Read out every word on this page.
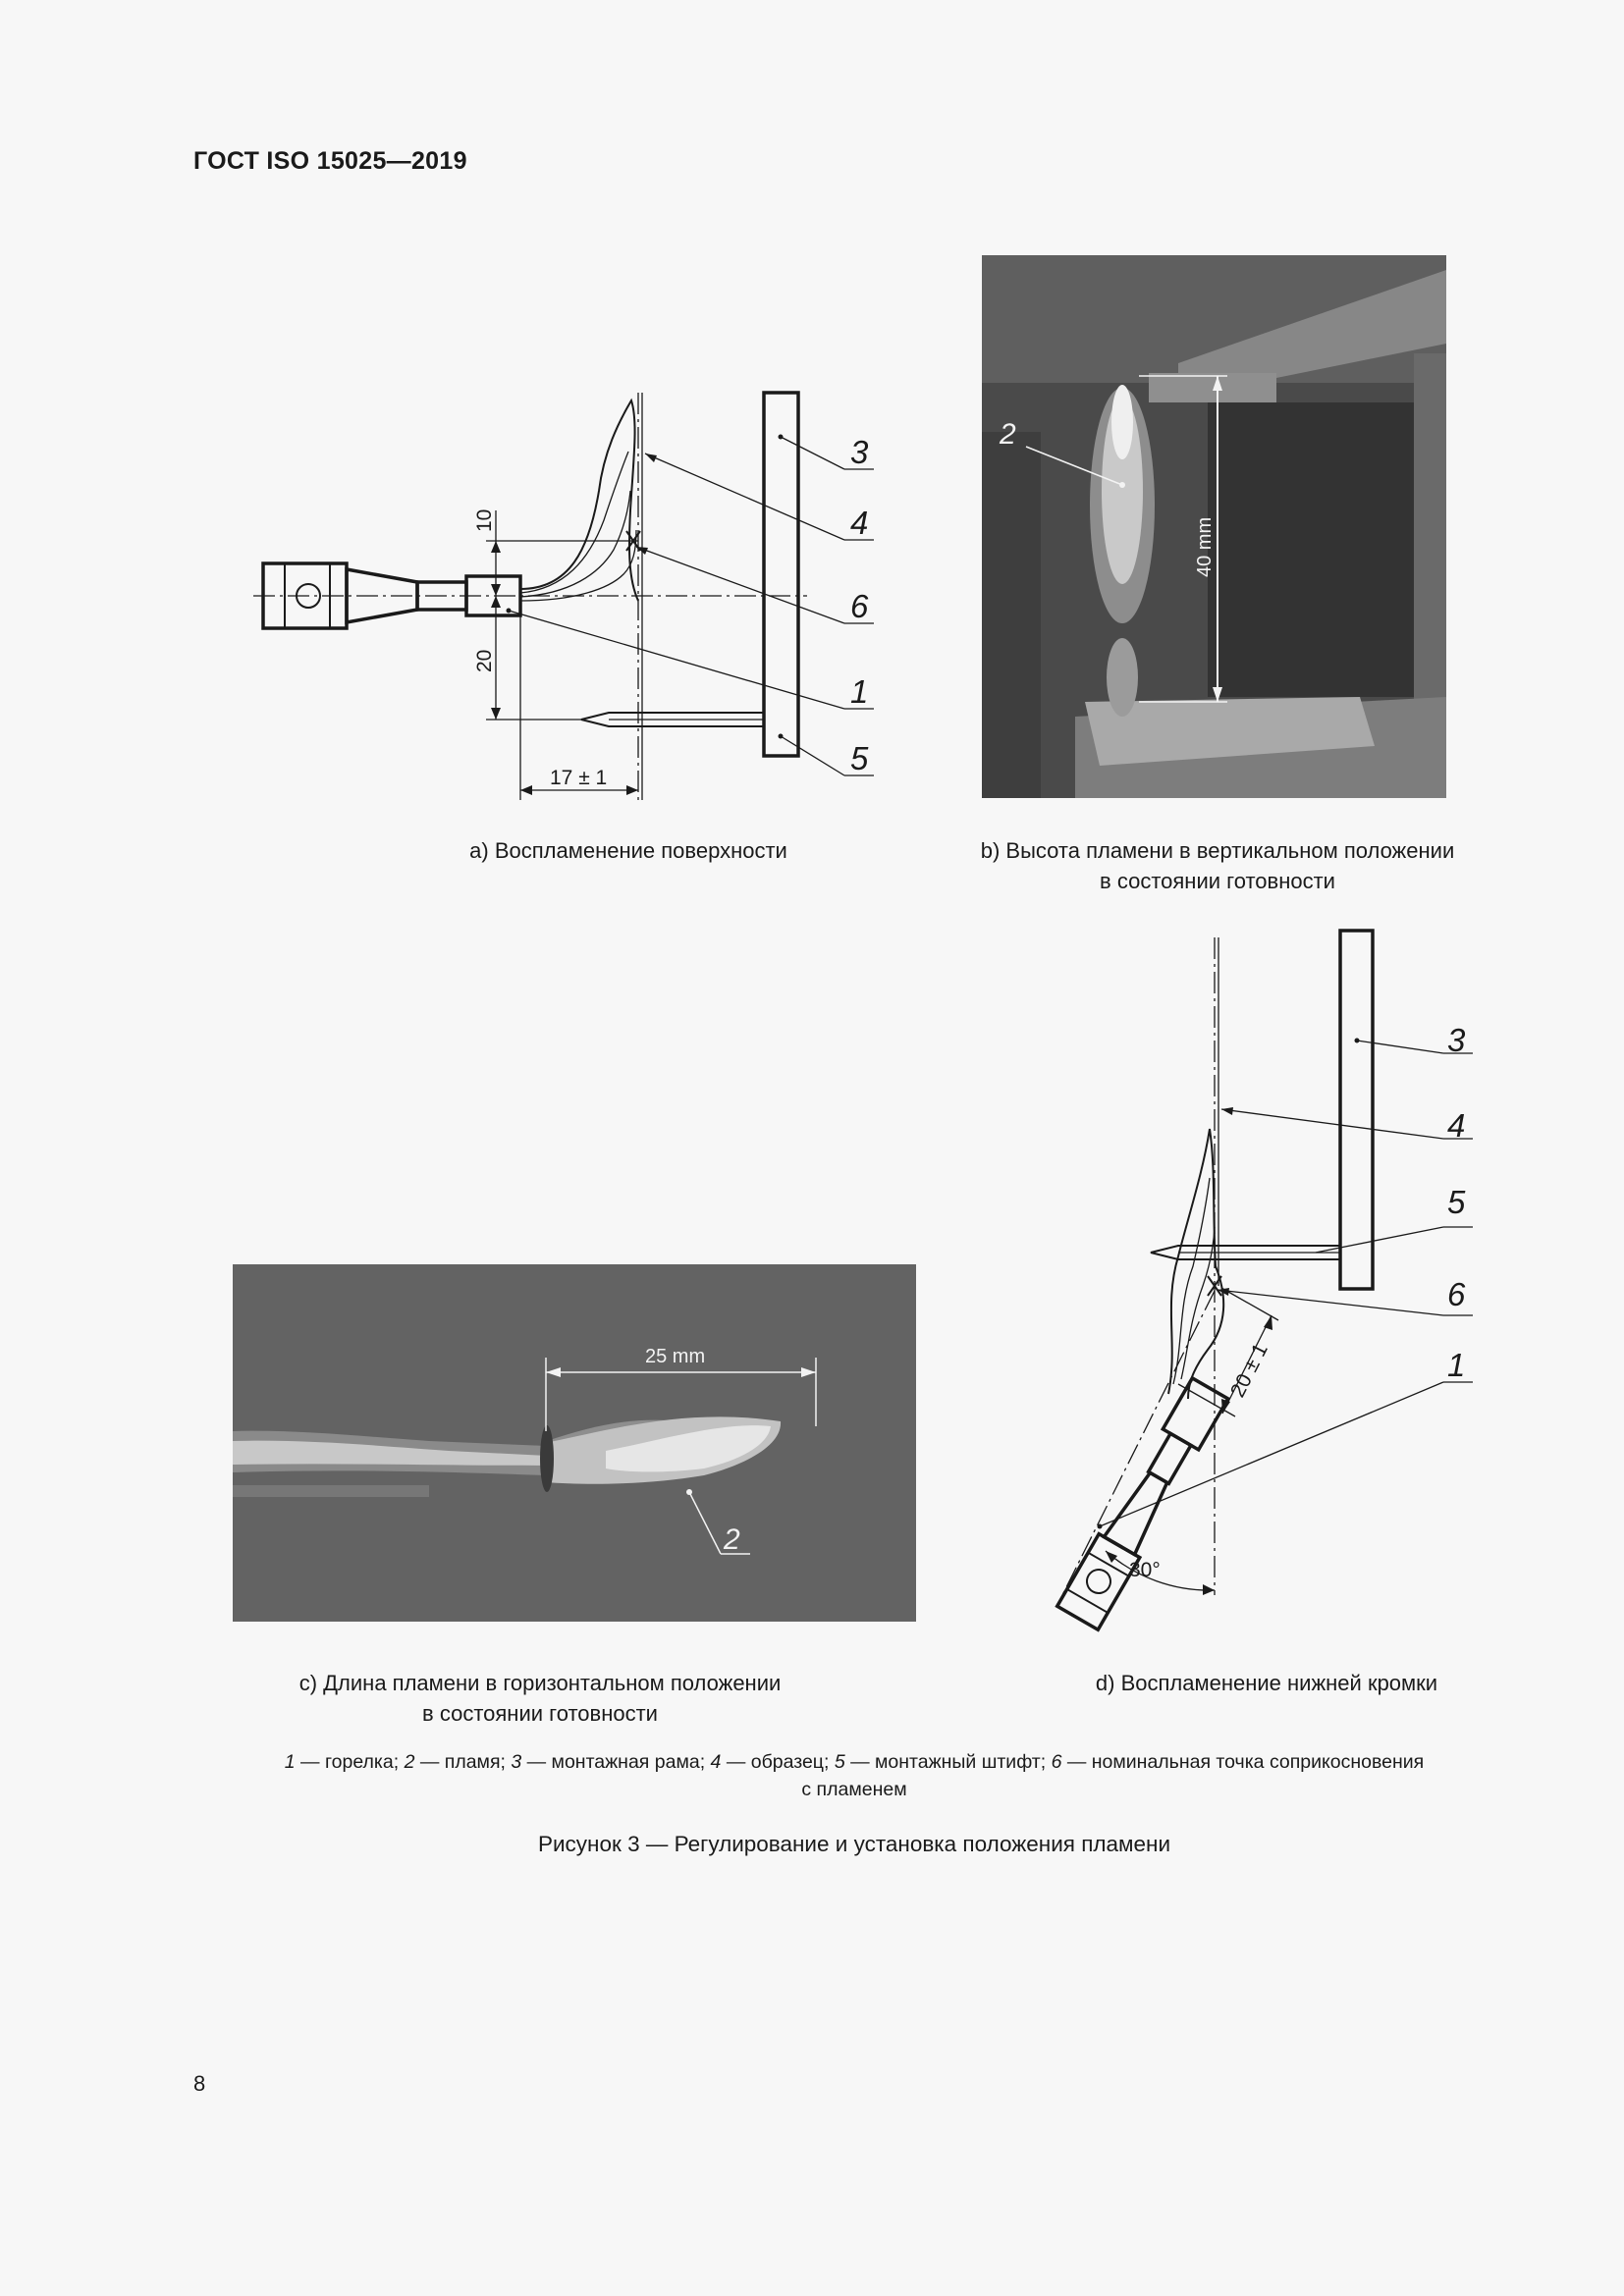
ГОСТ ISO 15025—2019
10
20
17 ± 1
3
4
6
1
5
a) Воспламенение поверхности
40 mm
2
b) Высота пламени в вертикальном положении
в состоянии готовности
25 mm
2
c) Длина пламени в горизонтальном положении
в состоянии готовности
30°
20 ± 1
3
4
5
6
1
d) Воспламенение нижней кромки
1 — горелка; 2 — пламя; 3 — монтажная рама; 4 — образец; 5 — монтажный штифт; 6 — номинальная точка соприкосновения
с пламенем
Рисунок 3 — Регулирование и установка положения пламени
8
